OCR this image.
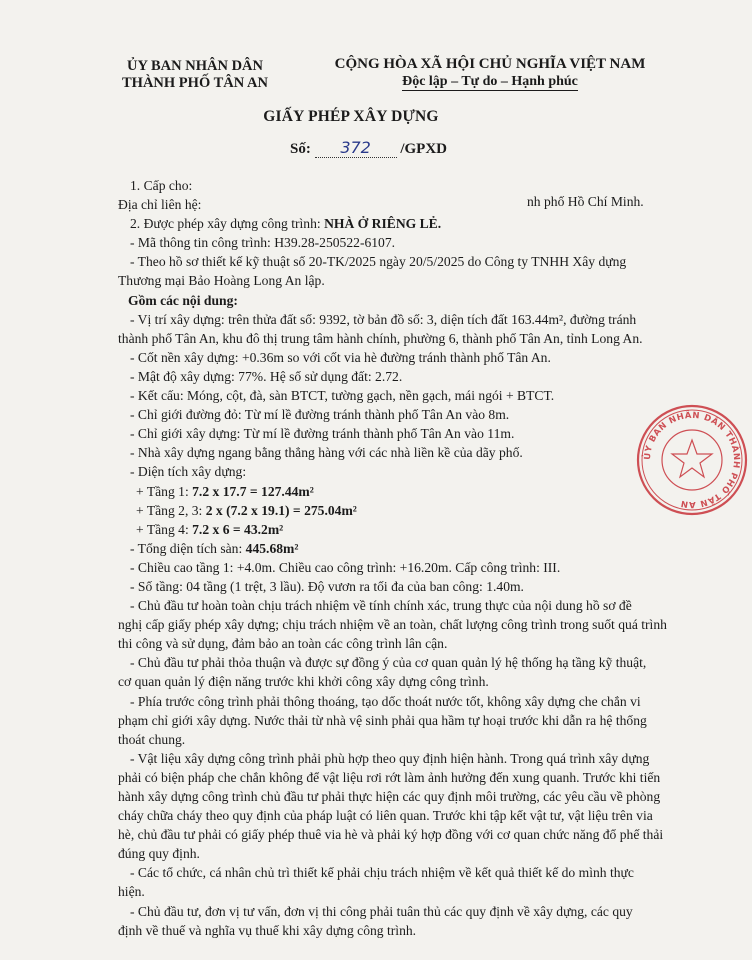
ỦY BAN NHÂN DÂN
THÀNH PHỐ TÂN AN
CỘNG HÒA XÃ HỘI CHỦ NGHĨA VIỆT NAM
Độc lập – Tự do – Hạnh phúc
GIẤY PHÉP XÂY DỰNG
Số: 372 /GPXD
nh phố Hồ Chí Minh.
1. Cấp cho:
Địa chỉ liên hệ:
2. Được phép xây dựng công trình: NHÀ Ở RIÊNG LẺ.
- Mã thông tin công trình: H39.28-250522-6107.
- Theo hồ sơ thiết kế kỹ thuật số 20-TK/2025 ngày 20/5/2025 do Công ty TNHH Xây dựng
Thương mại Bảo Hoàng Long An lập.
Gồm các nội dung:
- Vị trí xây dựng: trên thửa đất số: 9392, tờ bản đồ số: 3, diện tích đất 163.44m², đường tránh
thành phố Tân An, khu đô thị trung tâm hành chính, phường 6, thành phố Tân An, tỉnh Long An.
- Cốt nền xây dựng: +0.36m so với cốt via hè đường tránh thành phố Tân An.
- Mật độ xây dựng: 77%. Hệ số sử dụng đất: 2.72.
- Kết cấu: Móng, cột, đà, sàn BTCT, tường gạch, nền gạch, mái ngói + BTCT.
- Chỉ giới đường đỏ: Từ mí lề đường tránh thành phố Tân An vào 8m.
- Chỉ giới xây dựng: Từ mí lề đường tránh thành phố Tân An vào 11m.
- Nhà xây dựng ngang bằng thẳng hàng với các nhà liền kề của dãy phố.
- Diện tích xây dựng:
+ Tầng 1: 7.2 x 17.7 = 127.44m²
+ Tầng 2, 3: 2 x (7.2 x 19.1) = 275.04m²
+ Tầng 4: 7.2 x 6 = 43.2m²
- Tổng diện tích sàn: 445.68m²
- Chiều cao tầng 1: +4.0m. Chiều cao công trình: +16.20m. Cấp công trình: III.
- Số tầng: 04 tầng (1 trệt, 3 lầu). Độ vươn ra tối đa của ban công: 1.40m.
- Chủ đầu tư hoàn toàn chịu trách nhiệm về tính chính xác, trung thực của nội dung hồ sơ đề
nghị cấp giấy phép xây dựng; chịu trách nhiệm về an toàn, chất lượng công trình trong suốt quá trình
thi công và sử dụng, đảm bảo an toàn các công trình lân cận.
- Chủ đầu tư phải thỏa thuận và được sự đồng ý của cơ quan quản lý hệ thống hạ tầng kỹ thuật,
cơ quan quản lý điện năng trước khi khởi công xây dựng công trình.
- Phía trước công trình phải thông thoáng, tạo dốc thoát nước tốt, không xây dựng che chắn vi
phạm chỉ giới xây dựng. Nước thải từ nhà vệ sinh phải qua hầm tự hoại trước khi dẫn ra hệ thống
thoát chung.
- Vật liệu xây dựng công trình phải phù hợp theo quy định hiện hành. Trong quá trình xây dựng
phải có biện pháp che chắn không để vật liệu rơi rớt làm ảnh hưởng đến xung quanh. Trước khi tiến
hành xây dựng công trình chủ đầu tư phải thực hiện các quy định môi trường, các yêu cầu về phòng
cháy chữa cháy theo quy định của pháp luật có liên quan. Trước khi tập kết vật tư, vật liệu trên via
hè, chủ đầu tư phải có giấy phép thuê via hè và phải ký hợp đồng với cơ quan chức năng đổ phế thải
đúng quy định.
- Các tổ chức, cá nhân chủ trì thiết kế phải chịu trách nhiệm về kết quả thiết kế do mình thực
hiện.
- Chủ đầu tư, đơn vị tư vấn, đơn vị thi công phải tuân thủ các quy định về xây dựng, các quy
định về thuế và nghĩa vụ thuế khi xây dựng công trình.
ỦY BAN NHÂN DÂN THÀNH PHỐ TÂN AN
